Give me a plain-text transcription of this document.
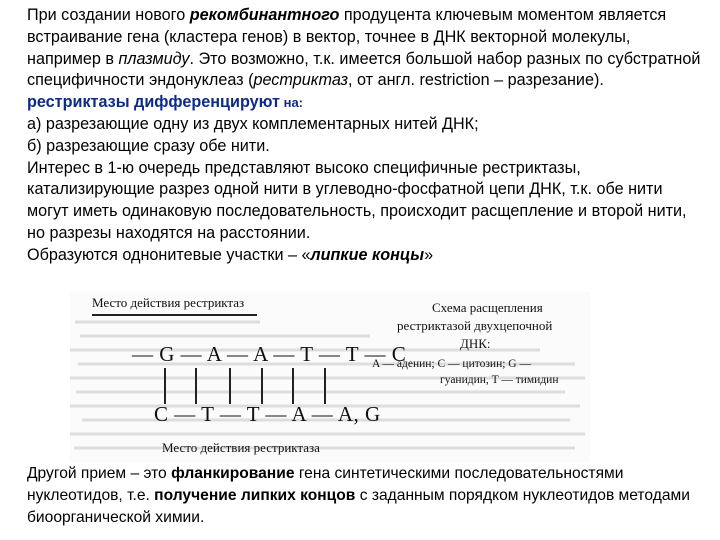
При создании нового рекомбинантного продуцента ключевым моментом является встраивание гена (кластера генов) в вектор, точнее в ДНК векторной молекулы, например в плазмиду. Это возможно, т.к. имеется большой набор разных по субстратной специфичности эндонуклеаз (рестриктаз, от англ. restriction – разрезание).
рестриктазы дифференцируют на:
а) разрезающие одну из двух комплементарных нитей ДНК;
б) разрезающие сразу обе нити.
Интерес в 1-ю очередь представляют высоко специфичные рестриктазы, катализирующие разрез одной нити в углеводно-фосфатной цепи ДНК, т.к. обе нити могут иметь одинаковую последовательность, происходит расщепление и второй нити, но разрезы находятся на расстоянии.
Образуются однонитевые участки – «липкие концы»
Место действия рестриктаз
— G — A — A — T — T — C
C — T — T — A — A, G
Место действия рестриктаза
Схема расщепления
рестриктазой двухцепочной
ДНК:
A — аденин; C — цитозин; G —
гуанидин, T — тимидин
Другой прием – это фланкирование гена синтетическими последовательностями нуклеотидов, т.е. получение липких концов с заданным порядком нуклеотидов методами биоорганической химии.
